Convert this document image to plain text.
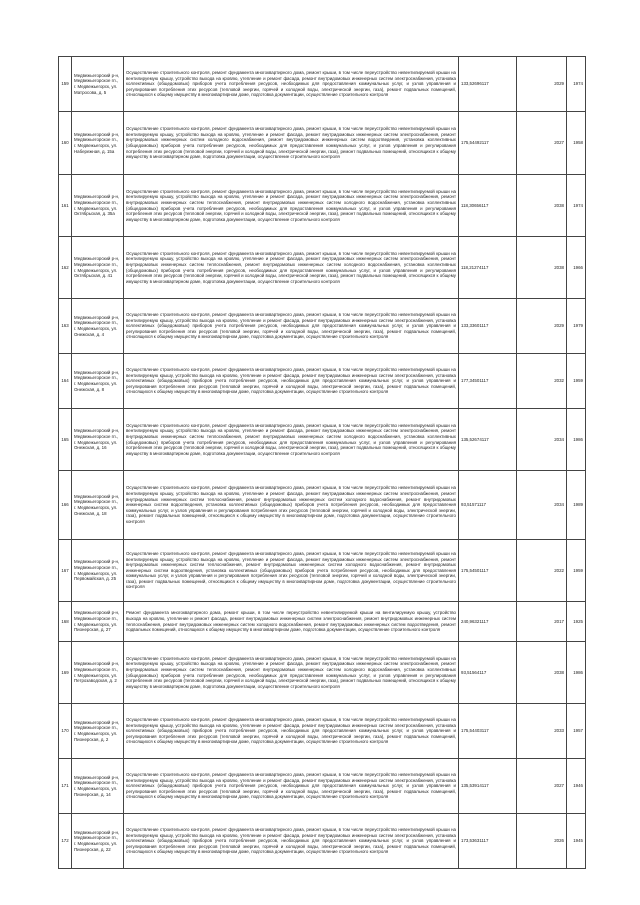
159	Медвежьегорский р-н, Медвежьегорское гп., г. Медвежьегорск, ул. Матросова, д. 5	Осуществление строительного контроля, ремонт фундамента многоквартирного дома, ремонт крыши, в том числе переустройство невентилируемой крыши на вентилируемую крышу, устройство выхода на кровлю, утепление и ремонт фасада, ремонт внутридомовых инженерных систем электроснабжения, установка коллективных (общедомовых) приборов учета потребления ресурсов, необходимых для предоставления коммунальных услуг, и узлов управления и регулирования потребления этих ресурсов (тепловой энергии, горячей и холодной воды, электрической энергии, газа), ремонт подвальных помещений, относящихся к общему имуществу в многоквартирном доме, подготовка документации, осуществление строительного контроля	133,52696117	2029	1974
160	Медвежьегорский р-н, Медвежьегорское гп., г. Медвежьегорск, ул. Набережная, д. 15а	Осуществление строительного контроля, ремонт фундамента многоквартирного дома, ремонт крыши, в том числе переустройство невентилируемой крыши на вентилируемую крышу, устройство выхода на кровлю, утепление и ремонт фасада, ремонт внутридомовых инженерных систем электроснабжения, ремонт внутридомовых инженерных систем холодного водоснабжения, ремонт внутридомовых инженерных систем водоотведения, установка коллективных (общедомовых) приборов учета потребления ресурсов, необходимых для предоставления коммунальных услуг, и узлов управления и регулирования потребления этих ресурсов (тепловой энергии, горячей и холодной воды, электрической энергии, газа), ремонт подвальных помещений, относящихся к общему имуществу в многоквартирном доме, подготовка документации, осуществление строительного контроля	175,54492117	2027	1958
161	Медвежьегорский р-н, Медвежьегорское гп., г. Медвежьегорск, ул. Октябрьская, д. 35а	Осуществление строительного контроля, ремонт фундамента многоквартирного дома, ремонт крыши, в том числе переустройство невентилируемой крыши на вентилируемую крышу, устройство выхода на кровлю, утепление и ремонт фасада, ремонт внутридомовых инженерных систем электроснабжения, ремонт внутридомовых инженерных систем теплоснабжения, ремонт внутридомовых инженерных систем холодного водоснабжения, установка коллективных (общедомовых) приборов учета потребления ресурсов, необходимых для предоставления коммунальных услуг, и узлов управления и регулирования потребления этих ресурсов (тепловой энергии, горячей и холодной воды, электрической энергии, газа), ремонт подвальных помещений, относящихся к общему имуществу в многоквартирном доме, подготовка документации, осуществление строительного контроля	118,30656117	2038	1974
162	Медвежьегорский р-н, Медвежьегорское гп., г. Медвежьегорск, ул. Октябрьская, д. 41	Осуществление строительного контроля, ремонт фундамента многоквартирного дома, ремонт крыши, в том числе переустройство невентилируемой крыши на вентилируемую крышу, устройство выхода на кровлю, утепление и ремонт фасада, ремонт внутридомовых инженерных систем электроснабжения, ремонт внутридомовых инженерных систем теплоснабжения, ремонт внутридомовых инженерных систем холодного водоснабжения, установка коллективных (общедомовых) приборов учета потребления ресурсов, необходимых для предоставления коммунальных услуг, и узлов управления и регулирования потребления этих ресурсов (тепловой энергии, горячей и холодной воды, электрической энергии, газа), ремонт подвальных помещений, относящихся к общему имуществу в многоквартирном доме, подготовка документации, осуществление строительного контроля	118,21274117	2038	1966
163	Медвежьегорский р-н, Медвежьегорское гп., г. Медвежьегорск, ул. Онежская, д. 4	Осуществление строительного контроля, ремонт фундамента многоквартирного дома, ремонт крыши, в том числе переустройство невентилируемой крыши на вентилируемую крышу, устройство выхода на кровлю, утепление и ремонт фасада, ремонт внутридомовых инженерных систем электроснабжения, установка коллективных (общедомовых) приборов учета потребления ресурсов, необходимых для предоставления коммунальных услуг, и узлов управления и регулирования потребления этих ресурсов (тепловой энергии, горячей и холодной воды, электрической энергии, газа), ремонт подвальных помещений, относящихся к общему имуществу в многоквартирном доме, подготовка документации, осуществление строительного контроля	133,33601117	2029	1979
164	Медвежьегорский р-н, Медвежьегорское гп., г. Медвежьегорск, ул. Онежская, д. 8	Осуществление строительного контроля, ремонт фундамента многоквартирного дома, ремонт крыши, в том числе переустройство невентилируемой крыши на вентилируемую крышу, устройство выхода на кровлю, утепление и ремонт фасада, ремонт внутридомовых инженерных систем электроснабжения, установка коллективных (общедомовых) приборов учета потребления ресурсов, необходимых для предоставления коммунальных услуг, и узлов управления и регулирования потребления этих ресурсов (тепловой энергии, горячей и холодной воды, электрической энергии, газа), ремонт подвальных помещений, относящихся к общему имуществу в многоквартирном доме, подготовка документации, осуществление строительного контроля	177,34501117	2032	1959
165	Медвежьегорский р-н, Медвежьегорское гп., г. Медвежьегорск, ул. Онежская, д. 16	Осуществление строительного контроля, ремонт фундамента многоквартирного дома, ремонт крыши, в том числе переустройство невентилируемой крыши на вентилируемую крышу, устройство выхода на кровлю, утепление и ремонт фасада, ремонт внутридомовых инженерных систем электроснабжения, ремонт внутридомовых инженерных систем теплоснабжения, ремонт внутридомовых инженерных систем холодного водоснабжения, установка коллективных (общедомовых) приборов учета потребления ресурсов, необходимых для предоставления коммунальных услуг, и узлов управления и регулирования потребления этих ресурсов (тепловой энергии, горячей и холодной воды, электрической энергии, газа), ремонт подвальных помещений, относящихся к общему имуществу в многоквартирном доме, подготовка документации, осуществление строительного контроля	135,52674117	2034	1986
166	Медвежьегорский р-н, Медвежьегорское гп., г. Медвежьегорск, ул. Онежская, д. 18	Осуществление строительного контроля, ремонт фундамента многоквартирного дома, ремонт крыши, в том числе переустройство невентилируемой крыши на вентилируемую крышу, устройство выхода на кровлю, утепление и ремонт фасада, ремонт внутридомовых инженерных систем электроснабжения, ремонт внутридомовых инженерных систем теплоснабжения, ремонт внутридомовых инженерных систем холодного водоснабжения, ремонт внутридомовых инженерных систем водоотведения, установка коллективных (общедомовых) приборов учета потребления ресурсов, необходимых для предоставления коммунальных услуг, и узлов управления и регулирования потребления этих ресурсов (тепловой энергии, горячей и холодной воды, электрической энергии, газа), ремонт подвальных помещений, относящихся к общему имуществу в многоквартирном доме, подготовка документации, осуществление строительного контроля	93,51571117	2034	1989
167	Медвежьегорский р-н, Медвежьегорское гп., г. Медвежьегорск, ул. Первомайская, д. 25	Осуществление строительного контроля, ремонт фундамента многоквартирного дома, ремонт крыши, в том числе переустройство невентилируемой крыши на вентилируемую крышу, устройство выхода на кровлю, утепление и ремонт фасада, ремонт внутридомовых инженерных систем электроснабжения, ремонт внутридомовых инженерных систем теплоснабжения, ремонт внутридомовых инженерных систем холодного водоснабжения, ремонт внутридомовых инженерных систем водоотведения, установка коллективных (общедомовых) приборов учета потребления ресурсов, необходимых для предоставления коммунальных услуг, и узлов управления и регулирования потребления этих ресурсов (тепловой энергии, горячей и холодной воды, электрической энергии, газа), ремонт подвальных помещений, относящихся к общему имуществу в многоквартирном доме, подготовка документации, осуществление строительного контроля	175,54501117	2022	1959
168	Медвежьегорский р-н, Медвежьегорское гп., г. Медвежьегорск, ул. Пионерская, д. 27	Ремонт фундамента многоквартирного дома, ремонт крыши, в том числе переустройство невентилируемой крыши на вентилируемую крышу, устройство выхода на кровлю, утепление и ремонт фасада, ремонт внутридомовых инженерных систем электроснабжения, ремонт внутридомовых инженерных систем теплоснабжения, ремонт внутридомовых инженерных систем холодного водоснабжения, ремонт внутридомовых инженерных систем водоотведения, ремонт подвальных помещений, относящихся к общему имуществу в многоквартирном доме, подготовка документации, осуществление строительного контроля	240,96321117	2017	1925
169	Медвежьегорский р-н, Медвежьегорское гп., г. Медвежьегорск, ул. Петрозаводская, д. 2	Осуществление строительного контроля, ремонт фундамента многоквартирного дома, ремонт крыши, в том числе переустройство невентилируемой крыши на вентилируемую крышу, устройство выхода на кровлю, утепление и ремонт фасада, ремонт внутридомовых инженерных систем электроснабжения, ремонт внутридомовых инженерных систем теплоснабжения, ремонт внутридомовых инженерных систем холодного водоснабжения, установка коллективных (общедомовых) приборов учета потребления ресурсов, необходимых для предоставления коммунальных услуг, и узлов управления и регулирования потребления этих ресурсов (тепловой энергии, горячей и холодной воды, электрической энергии, газа), ремонт подвальных помещений, относящихся к общему имуществу в многоквартирном доме, подготовка документации, осуществление строительного контроля	93,51564117	2038	1986
170	Медвежьегорский р-н, Медвежьегорское гп., г. Медвежьегорск, ул. Пионерская, д. 2	Осуществление строительного контроля, ремонт фундамента многоквартирного дома, ремонт крыши, в том числе переустройство невентилируемой крыши на вентилируемую крышу, устройство выхода на кровлю, утепление и ремонт фасада, ремонт внутридомовых инженерных систем электроснабжения, установка коллективных (общедомовых) приборов учета потребления ресурсов, необходимых для предоставления коммунальных услуг, и узлов управления и регулирования потребления этих ресурсов (тепловой энергии, горячей и холодной воды, электрической энергии, газа), ремонт подвальных помещений, относящихся к общему имуществу в многоквартирном доме, подготовка документации, осуществление строительного контроля	175,54403117	2033	1957
171	Медвежьегорский р-н, Медвежьегорское гп., г. Медвежьегорск, ул. Пионерская, д. 14	Осуществление строительного контроля, ремонт фундамента многоквартирного дома, ремонт крыши, в том числе переустройство невентилируемой крыши на вентилируемую крышу, устройство выхода на кровлю, утепление и ремонт фасада, ремонт внутридомовых инженерных систем электроснабжения, установка коллективных (общедомовых) приборов учета потребления ресурсов, необходимых для предоставления коммунальных услуг, и узлов управления и регулирования потребления этих ресурсов (тепловой энергии, горячей и холодной воды, электрической энергии, газа), ремонт подвальных помещений, относящихся к общему имуществу в многоквартирном доме, подготовка документации, осуществление строительного контроля	135,53914117	2027	1946
172	Медвежьегорский р-н, Медвежьегорское гп., г. Медвежьегорск, ул. Пионерская, д. 22	Осуществление строительного контроля, ремонт фундамента многоквартирного дома, ремонт крыши, в том числе переустройство невентилируемой крыши на вентилируемую крышу, устройство выхода на кровлю, утепление и ремонт фасада, ремонт внутридомовых инженерных систем электроснабжения, установка коллективных (общедомовых) приборов учета потребления ресурсов, необходимых для предоставления коммунальных услуг, и узлов управления и регулирования потребления этих ресурсов (тепловой энергии, горячей и холодной воды, электрической энергии, газа), ремонт подвальных помещений, относящихся к общему имуществу в многоквартирном доме, подготовка документации, осуществление строительного контроля	173,53631117	2026	1945
